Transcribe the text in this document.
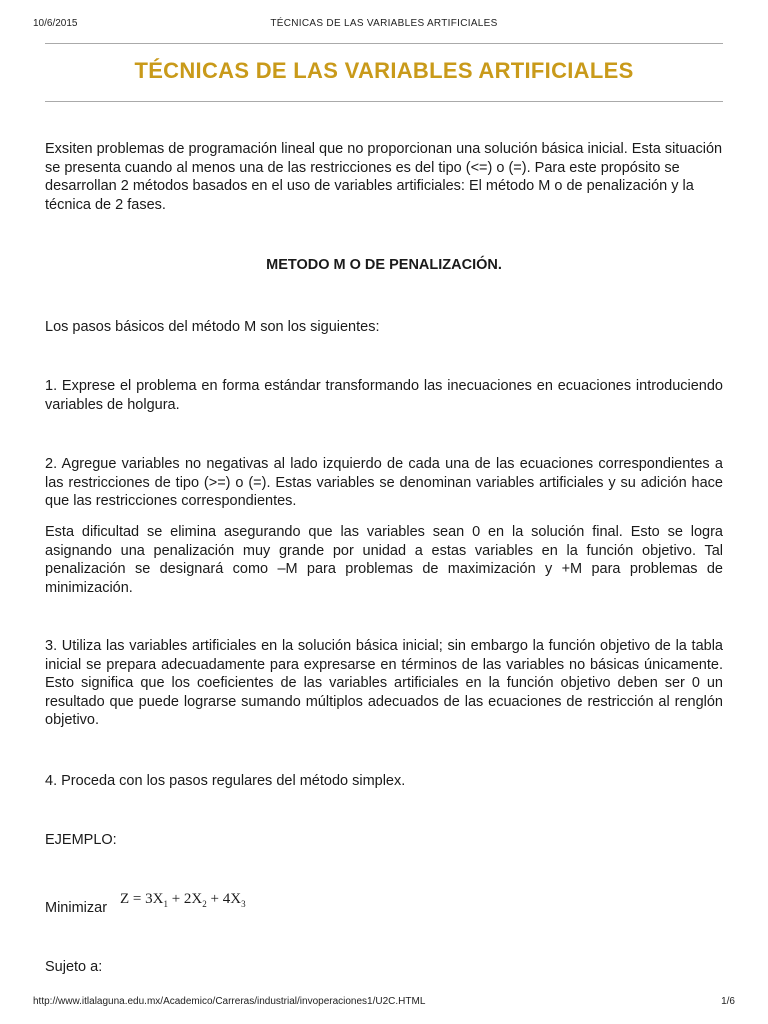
10/6/2015	TÉCNICAS DE LAS VARIABLES ARTIFICIALES
TÉCNICAS DE LAS VARIABLES ARTIFICIALES

Exsiten problemas de programación lineal que no proporcionan una solución básica inicial. Esta situación se presenta cuando al menos una de las restricciones es del tipo (<=) o (=). Para este propósito se desarrollan 2 métodos basados en el uso de variables artificiales: El método M o de penalización y la técnica de 2 fases.

METODO M O DE PENALIZACIÓN.

Los pasos básicos del método M son los siguientes:

1. Exprese el problema en forma estándar transformando las inecuaciones en ecuaciones introduciendo variables de holgura.

2. Agregue variables no negativas al lado izquierdo de cada una de las ecuaciones correspondientes a las restricciones de tipo (>=) o (=). Estas variables se denominan variables artificiales y su adición hace que las restricciones correspondientes.

Esta dificultad se elimina asegurando que las variables sean 0 en la solución final. Esto se logra asignando una penalización muy grande por unidad a estas variables en la función objetivo. Tal penalización se designará como –M para problemas de maximización y +M para problemas de minimización.

3. Utiliza las variables artificiales en la solución básica inicial; sin embargo la función objetivo de la tabla inicial se prepara adecuadamente para expresarse en términos de las variables no básicas únicamente. Esto significa que los coeficientes de las variables artificiales en la función objetivo deben ser 0 un resultado que puede lograrse sumando múltiplos adecuados de las ecuaciones de restricción al renglón objetivo.

4. Proceda con los pasos regulares del método simplex.

EJEMPLO:

Minimizar

$Z = 3X_1 + 2X_2 + 4X_3$

Sujeto a:

http://www.itlalaguna.edu.mx/Academico/Carreras/industrial/invoperaciones1/U2C.HTML	1/6
